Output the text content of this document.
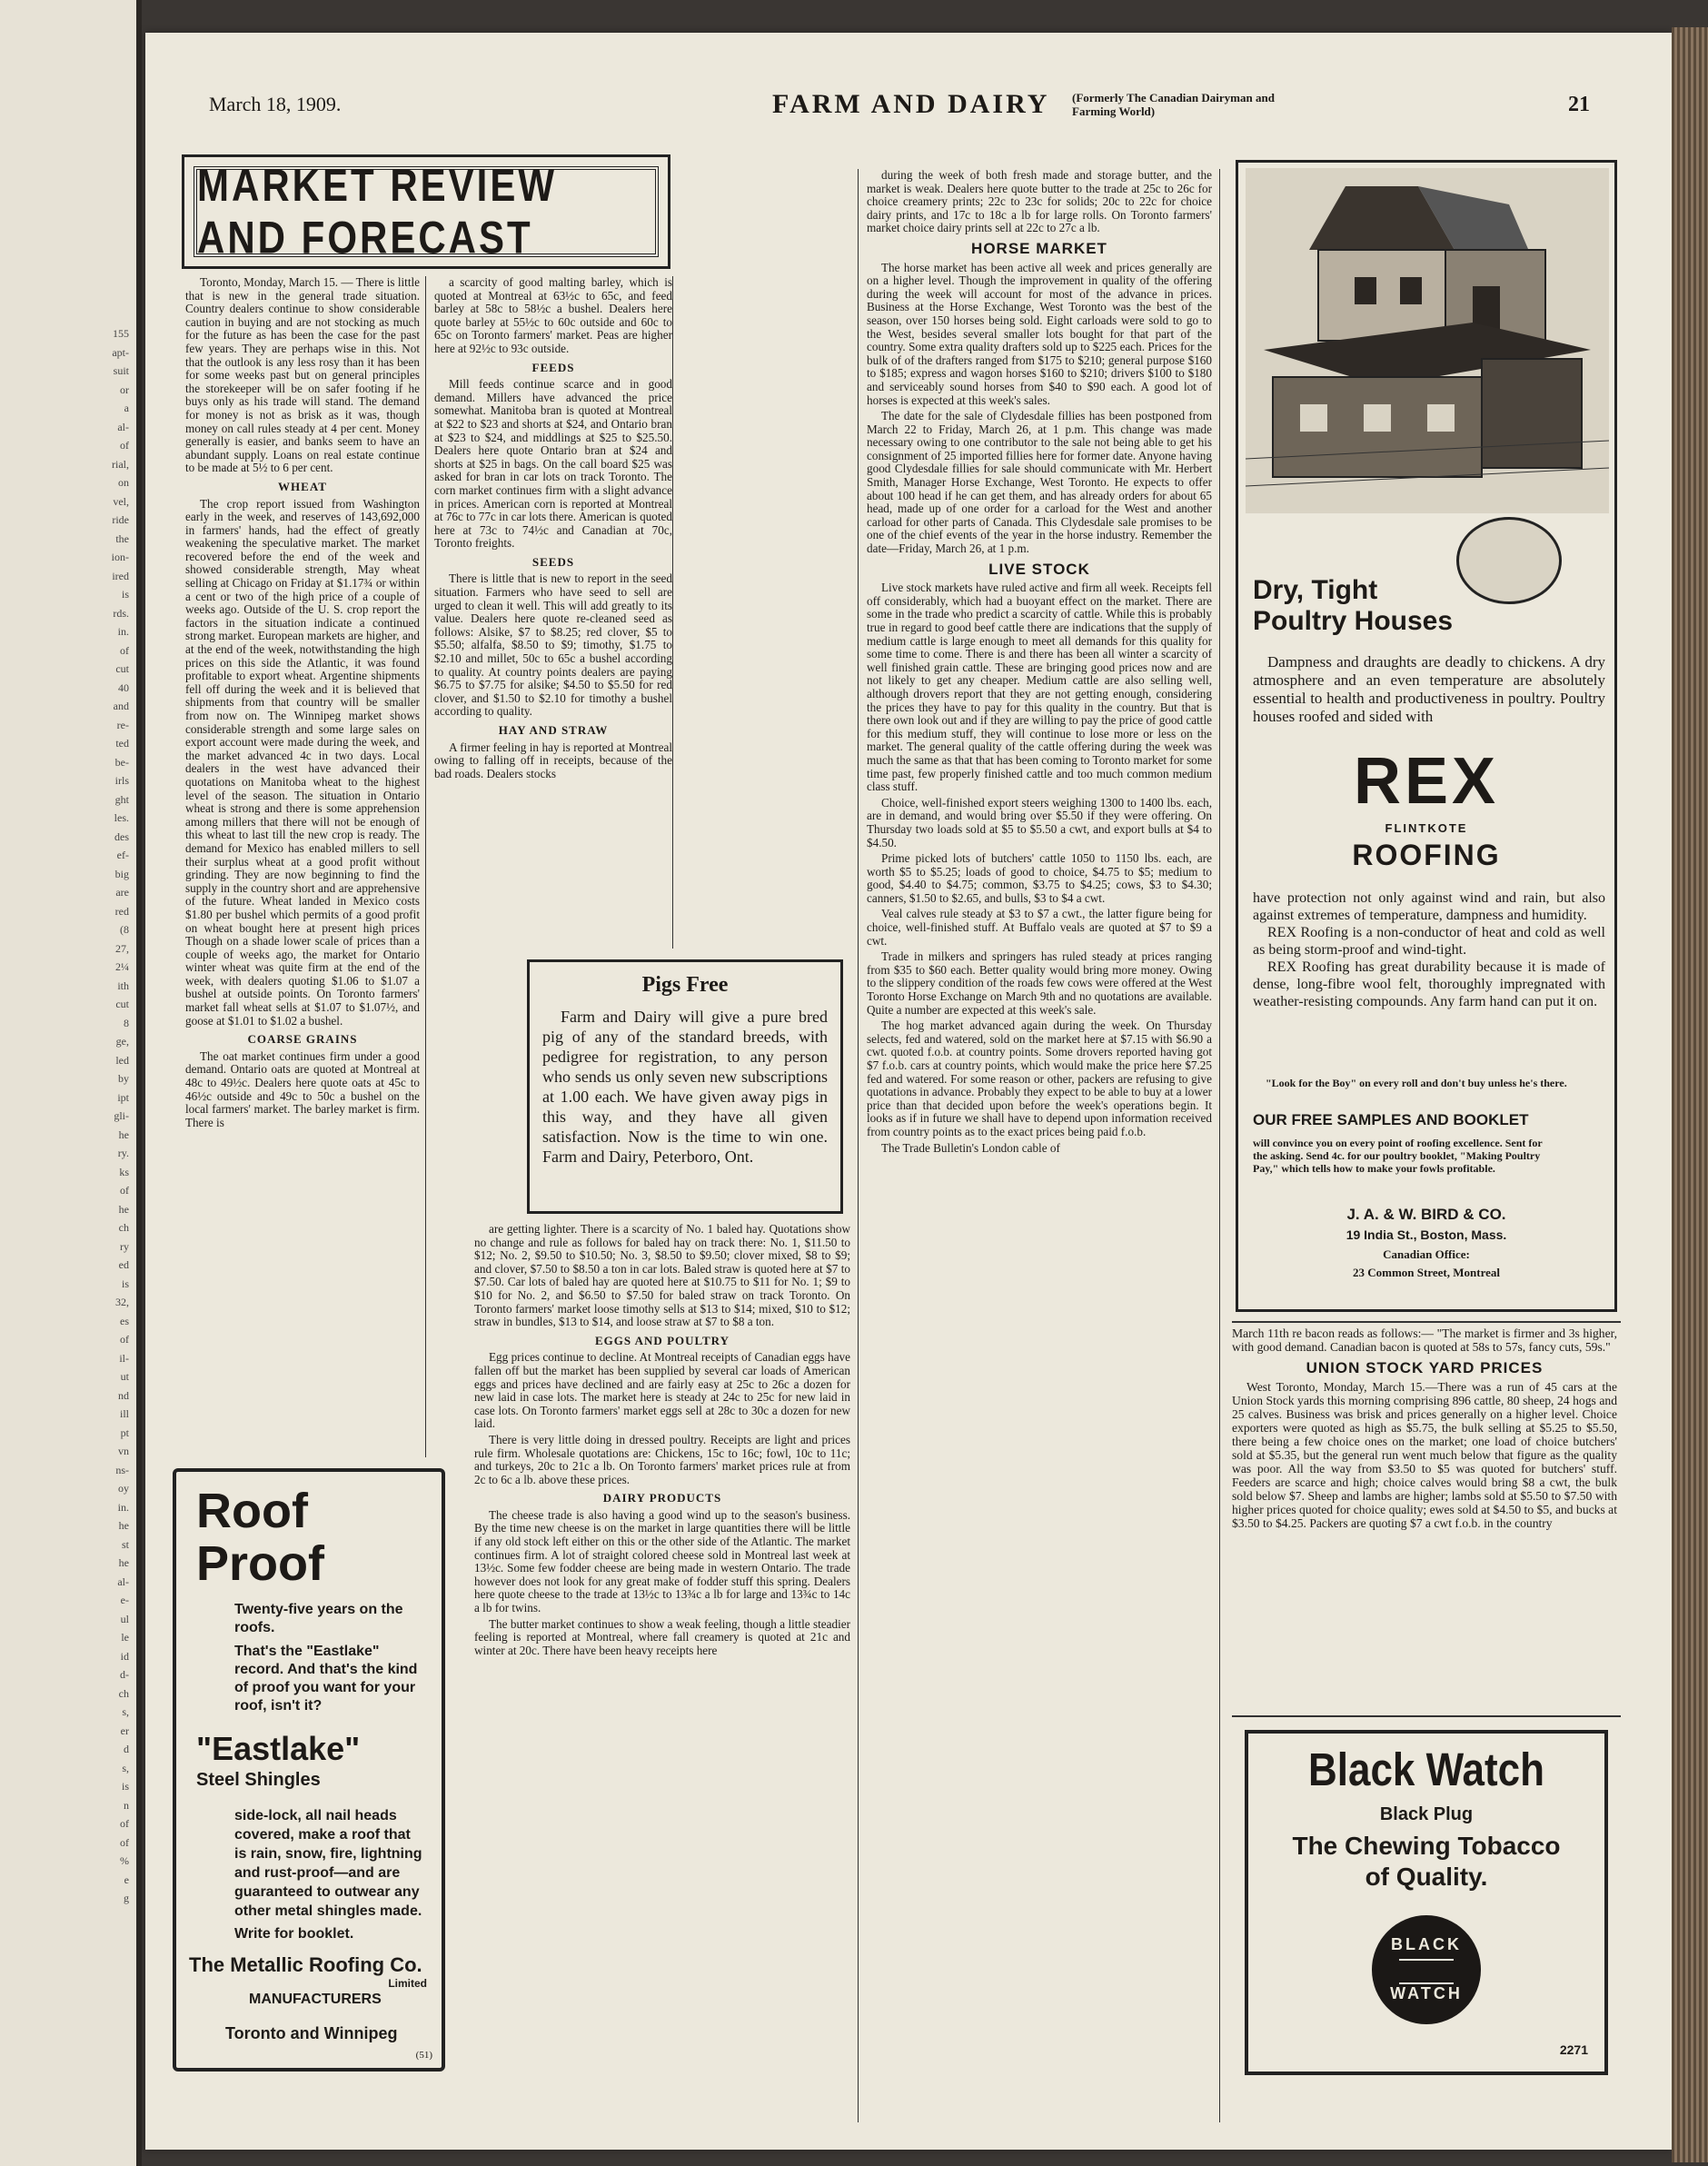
155
apt-
suit
or
a
al-
of
rial,
on
vel,
ride
the
ion-
ired
is
rds.
in.
of
cut
40
and
re-
ted
be-
irls
ght
les.
des
ef-
big
are
red
(8
27,
2¼
ith
cut
8
ge,
led
by
ipt
gli-
he
ry.
ks
of
he
ch
ry
ed
is
32,
es
of
il-
ut
nd
ill
pt
vn
ns-
oy
in.
he
st
he
al-
e-
ul
le
id
d-
ch
s,
er
d
s,
is
n
of
of
%
e
g
March 18, 1909.	FARM AND DAIRY (Formerly The Canadian Dairyman and Farming World)	21
MARKET REVIEW AND FORECAST

Toronto, Monday, March 15. — There is little that is new in the general trade situation. Country dealers continue to show considerable caution in buying and are not stocking as much for the future as has been the case for the past few years. They are perhaps wise in this. Not that the outlook is any less rosy than it has been for some weeks past but on general principles the storekeeper will be on safer footing if he buys only as his trade will stand. The demand for money is not as brisk as it was, though money on call rules steady at 4 per cent. Money generally is easier, and banks seem to have an abundant supply. Loans on real estate continue to be made at 5½ to 6 per cent.

WHEAT

The crop report issued from Washington early in the week, and reserves of 143,692,000 in farmers' hands, had the effect of greatly weakening the speculative market. The market recovered before the end of the week and showed considerable strength, May wheat selling at Chicago on Friday at $1.17¾ or within a cent or two of the high price of a couple of weeks ago. Outside of the U. S. crop report the factors in the situation indicate a continued strong market. European markets are higher, and at the end of the week, notwithstanding the high prices on this side the Atlantic, it was found profitable to export wheat. Argentine shipments fell off during the week and it is believed that shipments from that country will be smaller from now on. The Winnipeg market shows considerable strength and some large sales on export account were made during the week, and the market advanced 4c in two days. Local dealers in the west have advanced their quotations on Manitoba wheat to the highest level of the season. The situation in Ontario wheat is strong and there is some apprehension among millers that there will not be enough of this wheat to last till the new crop is ready. The demand for Mexico has enabled millers to sell their surplus wheat at a good profit without grinding. They are now beginning to find the supply in the country short and are apprehensive of the future. Wheat landed in Mexico costs $1.80 per bushel which permits of a good profit on wheat bought here at present high prices Though on a shade lower scale of prices than a couple of weeks ago, the market for Ontario winter wheat was quite firm at the end of the week, with dealers quoting $1.06 to $1.07 a bushel at outside points. On Toronto farmers' market fall wheat sells at $1.07 to $1.07½, and goose at $1.01 to $1.02 a bushel.

COARSE GRAINS

The oat market continues firm under a good demand. Ontario oats are quoted at Montreal at 48c to 49½c. Dealers here quote oats at 45c to 46½c outside and 49c to 50c a bushel on the local farmers' market. The barley market is firm. There is

a scarcity of good malting barley, which is quoted at Montreal at 63½c to 65c, and feed barley at 58c to 58½c a bushel. Dealers here quote barley at 55½c to 60c outside and 60c to 65c on Toronto farmers' market. Peas are higher here at 92½c to 93c outside.

FEEDS

Mill feeds continue scarce and in good demand. Millers have advanced the price somewhat. Manitoba bran is quoted at Montreal at $22 to $23 and shorts at $24, and Ontario bran at $23 to $24, and middlings at $25 to $25.50. Dealers here quote Ontario bran at $24 and shorts at $25 in bags. On the call board $25 was asked for bran in car lots on track Toronto. The corn market continues firm with a slight advance in prices. American corn is reported at Montreal at 76c to 77c in car lots there. American is quoted here at 73c to 74½c and Canadian at 70c, Toronto freights.

SEEDS

There is little that is new to report in the seed situation. Farmers who have seed to sell are urged to clean it well. This will add greatly to its value. Dealers here quote re-cleaned seed as follows: Alsike, $7 to $8.25; red clover, $5 to $5.50; alfalfa, $8.50 to $9; timothy, $1.75 to $2.10 and millet, 50c to 65c a bushel according to quality. At country points dealers are paying $6.75 to $7.75 for alsike; $4.50 to $5.50 for red clover, and $1.50 to $2.10 for timothy a bushel according to quality.

HAY AND STRAW

A firmer feeling in hay is reported at Montreal owing to falling off in receipts, because of the bad roads. Dealers stocks

Pigs Free
Farm and Dairy will give a pure bred pig of any of the standard breeds, with pedigree for registration, to any person who sends us only seven new subscriptions at 1.00 each. We have given away pigs in this way, and they have all given satisfaction. Now is the time to win one. Farm and Dairy, Peterboro, Ont.

are getting lighter. There is a scarcity of No. 1 baled hay. Quotations show no change and rule as follows for baled hay on track there: No. 1, $11.50 to $12; No. 2, $9.50 to $10.50; No. 3, $8.50 to $9.50; clover mixed, $8 to $9; and clover, $7.50 to $8.50 a ton in car lots. Baled straw is quoted here at $7 to $7.50. Car lots of baled hay are quoted here at $10.75 to $11 for No. 1; $9 to $10 for No. 2, and $6.50 to $7.50 for baled straw on track Toronto. On Toronto farmers' market loose timothy sells at $13 to $14; mixed, $10 to $12; straw in bundles, $13 to $14, and loose straw at $7 to $8 a ton.

EGGS AND POULTRY

Egg prices continue to decline. At Montreal receipts of Canadian eggs have fallen off but the market has been supplied by several car loads of American eggs and prices have declined and are fairly easy at 25c to 26c a dozen for new laid in case lots. The market here is steady at 24c to 25c for new laid in case lots. On Toronto farmers' market eggs sell at 28c to 30c a dozen for new laid.

There is very little doing in dressed poultry. Receipts are light and prices rule firm. Wholesale quotations are: Chickens, 15c to 16c; fowl, 10c to 11c; and turkeys, 20c to 21c a lb. On Toronto farmers' market prices rule at from 2c to 6c a lb. above these prices.

DAIRY PRODUCTS

The cheese trade is also having a good wind up to the season's business. By the time new cheese is on the market in large quantities there will be little if any old stock left either on this or the other side of the Atlantic. The market continues firm. A lot of straight colored cheese sold in Montreal last week at 13½c. Some few fodder cheese are being made in western Ontario. The trade however does not look for any great make of fodder stuff this spring. Dealers here quote cheese to the trade at 13½c to 13¾c a lb for large and 13¾c to 14c a lb for twins.

The butter market continues to show a weak feeling, though a little steadier feeling is reported at Montreal, where fall creamery is quoted at 21c and winter at 20c. There have been heavy receipts here

during the week of both fresh made and storage butter, and the market is weak. Dealers here quote butter to the trade at 25c to 26c for choice creamery prints; 22c to 23c for solids; 20c to 22c for choice dairy prints, and 17c to 18c a lb for large rolls. On Toronto farmers' market choice dairy prints sell at 22c to 27c a lb.

HORSE MARKET

The horse market has been active all week and prices generally are on a higher level. Though the improvement in quality of the offering during the week will account for most of the advance in prices. Business at the Horse Exchange, West Toronto was the best of the season, over 150 horses being sold. Eight carloads were sold to go to the West, besides several smaller lots bought for that part of the country. Some extra quality drafters sold up to $225 each. Prices for the bulk of of the drafters ranged from $175 to $210; general purpose $160 to $185; express and wagon horses $160 to $210; drivers $100 to $180 and serviceably sound horses from $40 to $90 each. A good lot of horses is expected at this week's sales.

The date for the sale of Clydesdale fillies has been postponed from March 22 to Friday, March 26, at 1 p.m. This change was made necessary owing to one contributor to the sale not being able to get his consignment of 25 imported fillies here for former date. Anyone having good Clydesdale fillies for sale should communicate with Mr. Herbert Smith, Manager Horse Exchange, West Toronto. He expects to offer about 100 head if he can get them, and has already orders for about 65 head, made up of one order for a carload for the West and another carload for other parts of Canada. This Clydesdale sale promises to be one of the chief events of the year in the horse industry. Remember the date—Friday, March 26, at 1 p.m.

LIVE STOCK

Live stock markets have ruled active and firm all week. Receipts fell off considerably, which had a buoyant effect on the market. There are some in the trade who predict a scarcity of cattle. While this is probably true in regard to good beef cattle there are indications that the supply of medium cattle is large enough to meet all demands for this quality for some time to come. There is and there has been all winter a scarcity of well finished grain cattle. These are bringing good prices now and are not likely to get any cheaper. Medium cattle are also selling well, although drovers report that they are not getting enough, considering the prices they have to pay for this quality in the country. But that is there own look out and if they are willing to pay the price of good cattle for this medium stuff, they will continue to lose more or less on the market. The general quality of the cattle offering during the week was much the same as that that has been coming to Toronto market for some time past, few properly finished cattle and too much common medium class stuff.

Choice, well-finished export steers weighing 1300 to 1400 lbs. each, are in demand, and would bring over $5.50 if they were offering. On Thursday two loads sold at $5 to $5.50 a cwt, and export bulls at $4 to $4.50.

Prime picked lots of butchers' cattle 1050 to 1150 lbs. each, are worth $5 to $5.25; loads of good to choice, $4.75 to $5; medium to good, $4.40 to $4.75; common, $3.75 to $4.25; cows, $3 to $4.30; canners, $1.50 to $2.65, and bulls, $3 to $4 a cwt.

Veal calves rule steady at $3 to $7 a cwt., the latter figure being for choice, well-finished stuff. At Buffalo veals are quoted at $7 to $9 a cwt.

Trade in milkers and springers has ruled steady at prices ranging from $35 to $60 each. Better quality would bring more money. Owing to the slippery condition of the roads few cows were offered at the West Toronto Horse Exchange on March 9th and no quotations are available. Quite a number are expected at this week's sale.

The hog market advanced again during the week. On Thursday selects, fed and watered, sold on the market here at $7.15 with $6.90 a cwt. quoted f.o.b. at country points. Some drovers reported having got $7 f.o.b. cars at country points, which would make the price here $7.25 fed and watered. For some reason or other, packers are refusing to give quotations in advance. Probably they expect to be able to buy at a lower price than that decided upon before the week's operations begin. It looks as if in future we shall have to depend upon information received from country points as to the exact prices being paid f.o.b.

The Trade Bulletin's London cable of

Dry, Tight
Poultry Houses
Dampness and draughts are deadly to chickens. A dry atmosphere and an even temperature are absolutely essential to health and productiveness in poultry. Poultry houses roofed and sided with
REX
FLINTKOTE
ROOFING
have protection not only against wind and rain, but also against extremes of temperature, dampness and humidity.
REX Roofing is a non-conductor of heat and cold as well as being storm-proof and wind-tight.
REX Roofing has great durability because it is made of dense, long-fibre wool felt, thoroughly impregnated with weather-resisting compounds. Any farm hand can put it on.
"Look for the Boy" on every roll and don't buy unless he's there.
OUR FREE SAMPLES AND BOOKLET
will convince you on every point of roofing excellence. Sent for the asking. Send 4c. for our poultry booklet, "Making Poultry Pay," which tells how to make your fowls profitable.
J. A. & W. BIRD & CO.
19 India St., Boston, Mass.
Canadian Office:
23 Common Street, Montreal

March 11th re bacon reads as follows:— "The market is firmer and 3s higher, with good demand. Canadian bacon is quoted at 58s to 57s, fancy cuts, 59s."

UNION STOCK YARD PRICES

West Toronto, Monday, March 15.—There was a run of 45 cars at the Union Stock yards this morning comprising 896 cattle, 80 sheep, 24 hogs and 25 calves. Business was brisk and prices generally on a higher level. Choice exporters were quoted as high as $5.75, the bulk selling at $5.25 to $5.50, there being a few choice ones on the market; one load of choice butchers' sold at $5.35, but the general run went much below that figure as the quality was poor. All the way from $3.50 to $5 was quoted for butchers' stuff. Feeders are scarce and high; choice calves would bring $8 a cwt, the bulk sold below $7. Sheep and lambs are higher; lambs sold at $5.50 to $7.50 with higher prices quoted for choice quality; ewes sold at $4.50 to $5, and bucks at $3.50 to $4.25. Packers are quoting $7 a cwt f.o.b. in the country

Black Watch
Black Plug
The Chewing Tobacco
of Quality.
BLACK
WATCH
2271
Roof
Proof
Twenty-five years on the roofs.
That's the "Eastlake" record. And that's the kind of proof you want for your roof, isn't it?
"Eastlake"
Steel Shingles
side-lock, all nail heads covered, make a roof that is rain, snow, fire, lightning and rust-proof—and are guaranteed to outwear any other metal shingles made.
Write for booklet.
The Metallic Roofing Co.
Limited
MANUFACTURERS
Toronto and Winnipeg
(51)
